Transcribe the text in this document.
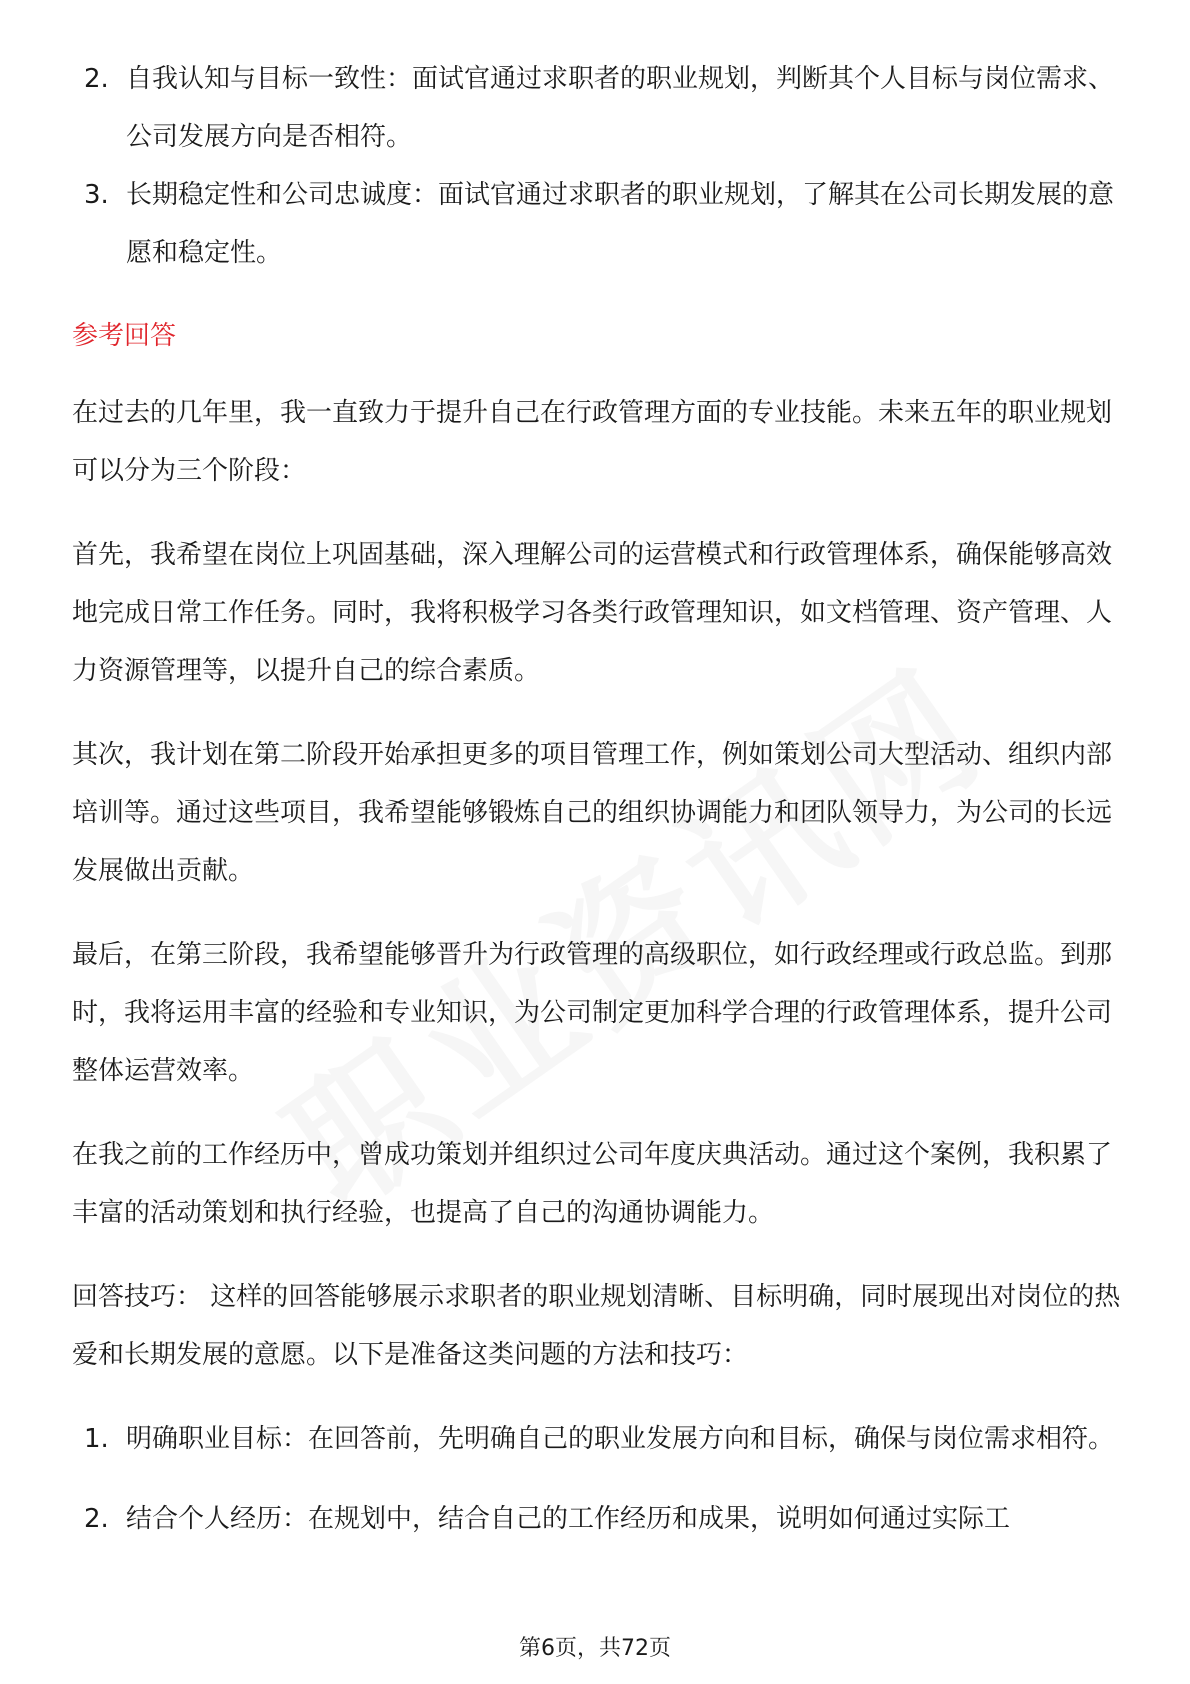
2. 自我认知与目标一致性：面试官通过求职者的职业规划，判断其个人目标与岗位需求、公司发展方向是否相符。
3. 长期稳定性和公司忠诚度：面试官通过求职者的职业规划，了解其在公司长期发展的意愿和稳定性。
参考回答

在过去的几年里，我一直致力于提升自己在行政管理方面的专业技能。未来五年的职业规划可以分为三个阶段：

首先，我希望在岗位上巩固基础，深入理解公司的运营模式和行政管理体系，确保能够高效地完成日常工作任务。同时，我将积极学习各类行政管理知识，如文档管理、资产管理、人力资源管理等，以提升自己的综合素质。

其次，我计划在第二阶段开始承担更多的项目管理工作，例如策划公司大型活动、组织内部培训等。通过这些项目，我希望能够锻炼自己的组织协调能力和团队领导力，为公司的长远发展做出贡献。

最后，在第三阶段，我希望能够晋升为行政管理的高级职位，如行政经理或行政总监。到那时，我将运用丰富的经验和专业知识，为公司制定更加科学合理的行政管理体系，提升公司整体运营效率。

在我之前的工作经历中，曾成功策划并组织过公司年度庆典活动。通过这个案例，我积累了丰富的活动策划和执行经验，也提高了自己的沟通协调能力。

回答技巧： 这样的回答能够展示求职者的职业规划清晰、目标明确，同时展现出对岗位的热爱和长期发展的意愿。以下是准备这类问题的方法和技巧：

1. 明确职业目标：在回答前，先明确自己的职业发展方向和目标，确保与岗位需求相符。
2. 结合个人经历：在规划中，结合自己的工作经历和成果，说明如何通过实际工
第6页，共72页
